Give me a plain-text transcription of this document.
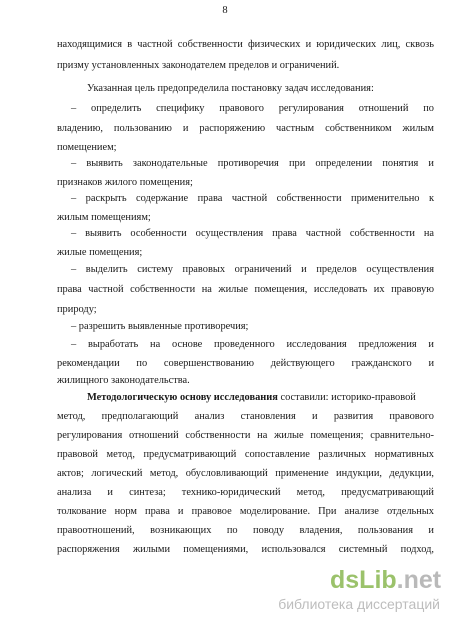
8
находящимися в частной собственности физических и юридических лиц, сквозь
призму установленных законодателем пределов и ограничений.
Указанная цель предопределила постановку задач исследования:
– определить специфику правового регулирования отношений по
владению, пользованию и распоряжению частным собственником жилым
помещением;
– выявить законодательные противоречия при определении понятия и
признаков жилого помещения;
– раскрыть содержание права частной собственности применительно к
жилым помещениям;
– выявить особенности осуществления права частной собственности на
жилые помещения;
– выделить систему правовых ограничений и пределов осуществления
права частной собственности на жилые помещения, исследовать их правовую
природу;
– разрешить выявленные противоречия;
– выработать на основе проведенного исследования предложения и
рекомендации по совершенствованию действующего гражданского и
жилищного законодательства.
Методологическую основу исследования составили: историко-правовой
метод, предполагающий анализ становления и развития правового
регулирования отношений собственности на жилые помещения; сравнительно-
правовой метод, предусматривающий сопоставление различных нормативных
актов; логический метод, обусловливающий применение индукции, дедукции,
анализа и синтеза; технико-юридический метод, предусматривающий
толкование норм права и правовое моделирование. При анализе отдельных
правоотношений, возникающих по поводу владения, пользования и
распоряжения жилыми помещениями, использовался системный подход,
dsLib.net
библиотека диссертаций
